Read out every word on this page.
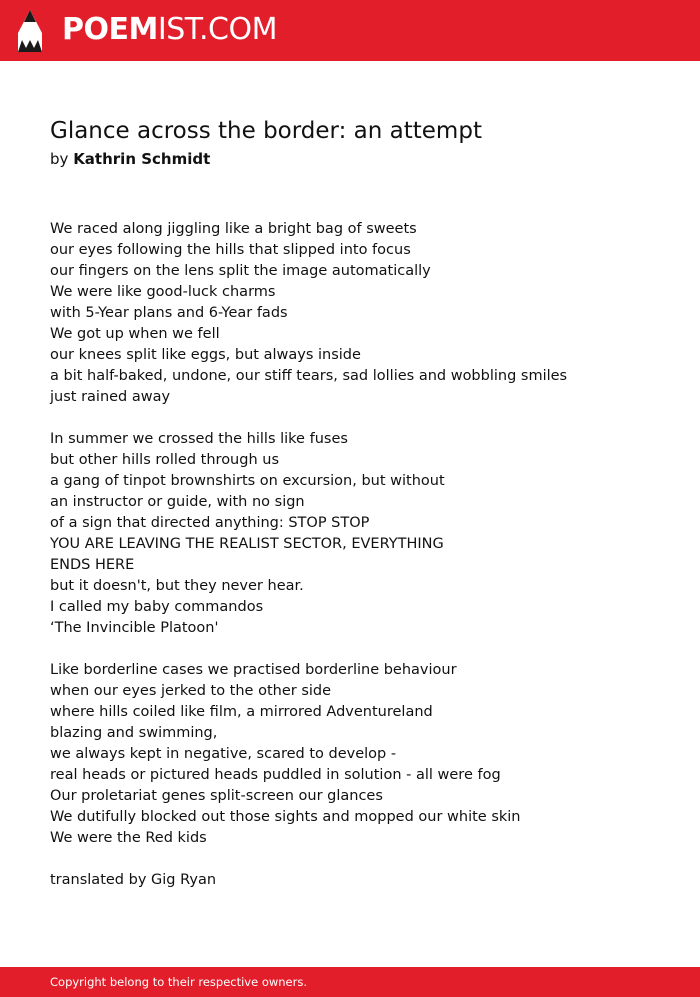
POEMIST.COM
Glance across the border: an attempt
by Kathrin Schmidt
We raced along jiggling like a bright bag of sweets
our eyes following the hills that slipped into focus
our fingers on the lens split the image automatically
We were like good-luck charms
with 5-Year plans and 6-Year fads
We got up when we fell
our knees split like eggs, but always inside
a bit half-baked, undone, our stiff tears, sad lollies and wobbling smiles
just rained away
In summer we crossed the hills like fuses
but other hills rolled through us
a gang of tinpot brownshirts on excursion, but without
an instructor or guide, with no sign
of a sign that directed anything: STOP STOP
YOU ARE LEAVING THE REALIST SECTOR, EVERYTHING
ENDS HERE
but it doesn't, but they never hear.
I called my baby commandos
‘The Invincible Platoon'
Like borderline cases we practised borderline behaviour
when our eyes jerked to the other side
where hills coiled like film, a mirrored Adventureland
blazing and swimming,
we always kept in negative, scared to develop -
real heads or pictured heads puddled in solution - all were fog
Our proletariat genes split-screen our glances
We dutifully blocked out those sights and mopped our white skin
We were the Red kids
translated by Gig Ryan
Copyright belong to their respective owners.
